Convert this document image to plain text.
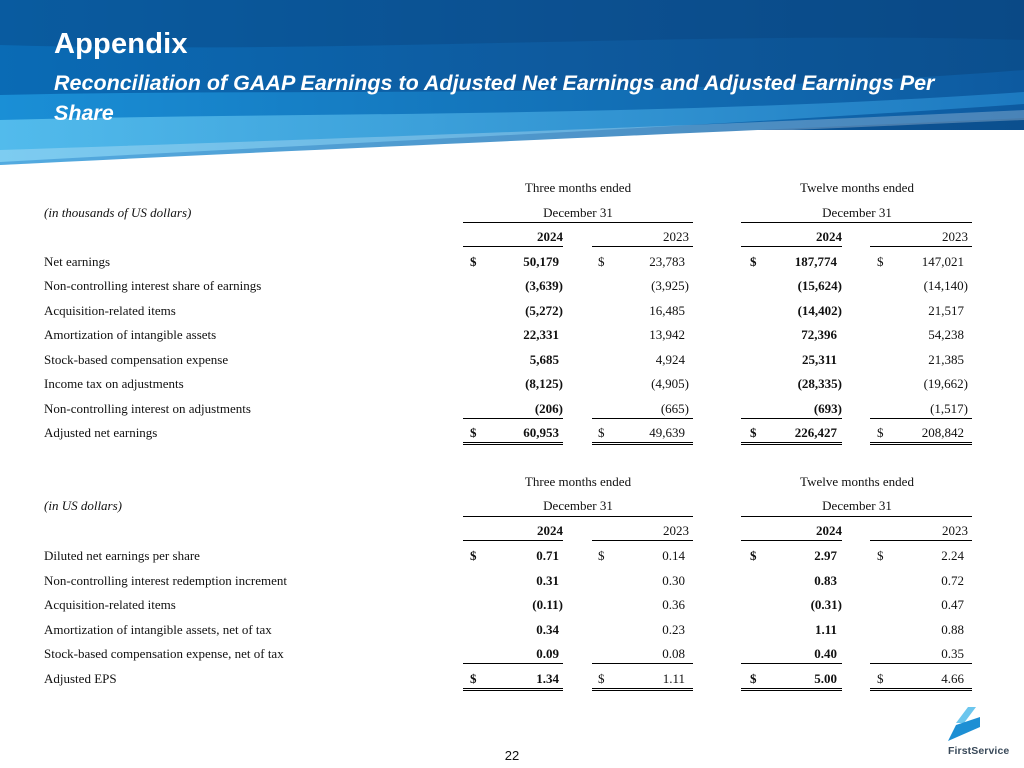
Appendix
Reconciliation of GAAP Earnings to Adjusted Net Earnings and Adjusted Earnings Per Share
Three months ended	Twelve months ended
(in thousands of US dollars)	December 31	December 31
2024	2023	2024	2023
Net earnings	$	50,179	$	23,783	$	187,774	$	147,021
Non-controlling interest share of earnings	(3,639)	(3,925)	(15,624)	(14,140)
Acquisition-related items	(5,272)	16,485	(14,402)	21,517
Amortization of intangible assets	22,331	13,942	72,396	54,238
Stock-based compensation expense	5,685	4,924	25,311	21,385
Income tax on adjustments	(8,125)	(4,905)	(28,335)	(19,662)
Non-controlling interest on adjustments	(206)	(665)	(693)	(1,517)
Adjusted net earnings	$	60,953	$	49,639	$	226,427	$	208,842
Three months ended	Twelve months ended
(in US dollars)	December 31	December 31
2024	2023	2024	2023
Diluted net earnings per share	$	0.71	$	0.14	$	2.97	$	2.24
Non-controlling interest redemption increment	0.31	0.30	0.83	0.72
Acquisition-related items	(0.11)	0.36	(0.31)	0.47
Amortization of intangible assets, net of tax	0.34	0.23	1.11	0.88
Stock-based compensation expense, net of tax	0.09	0.08	0.40	0.35
Adjusted EPS	$	1.34	$	1.11	$	5.00	$	4.66
22	FirstService
